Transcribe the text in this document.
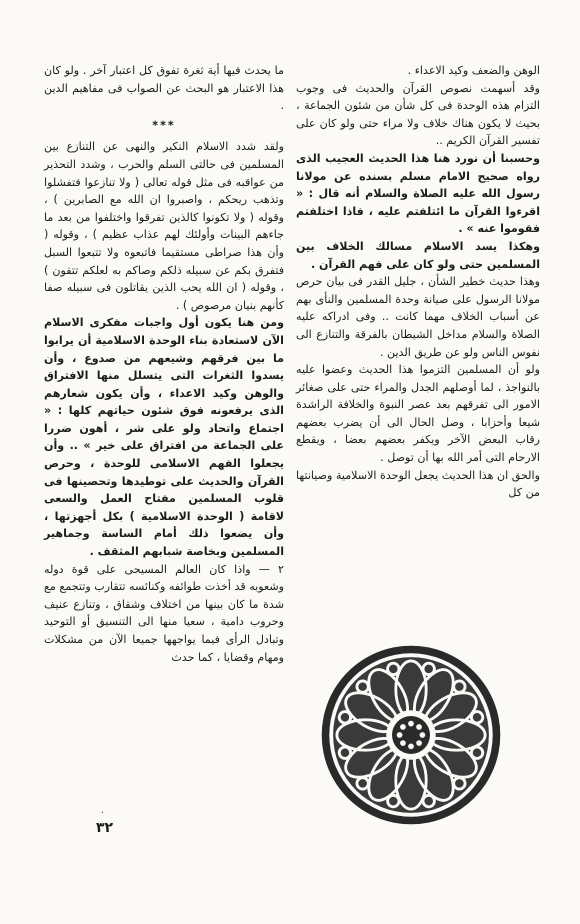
الوهن والضعف وكيد الاعداء .

وقد أسهمت نصوص القرآن والحديث فى وجوب التزام هذه الوحدة فى كل شأن من شئون الجماعة ، بحيث لا يكون هناك خلاف ولا مراء حتى ولو كان على تفسير القرآن الكريم ..

وحسبنا أن نورد هنا هذا الحديث العجيب الذى رواه صحيح الامام مسلم بسنده عن مولانا رسول الله عليه الصلاة والسلام أنه قال : « اقرءوا القرآن ما ائتلفتم عليه ، فاذا اختلفتم فقوموا عنه » .

وهكذا يسد الاسلام مسالك الخلاف بين المسلمين حتى ولو كان على فهم القرآن .

وهذا حديث خطير الشأن ، جليل القدر فى بيان حرص مولانا الرسول على صيانة وحدة المسلمين والنأى بهم عن أسباب الخلاف مهما كانت .. وفى ادراكه عليه الصلاة والسلام مداخل الشيطان بالفرقة والتنازع الى نفوس الناس ولو عن طريق الدين .

ولو أن المسلمين التزموا هذا الحديث وعضوا عليه بالنواجذ ، لما أوصلهم الجدل والمراء حتى على صغائر الامور الى تفرقهم بعد عصر النبوة والخلافة الراشدة شيعا وأحزابا ، وصل الحال الى أن يضرب بعضهم رقاب البعض الآخر ويكفر بعضهم بعضا ، ويقطع الارحام التى أمر الله بها أن توصل .

والحق ان هذا الحديث يجعل الوحدة الاسلامية وصيانتها من كل

ما يحدث فيها أية ثغرة تفوق كل اعتبار آخر . ولو كان هذا الاعتبار هو البحث عن الصواب فى مفاهيم الدين .

***

ولقد شدد الاسلام النكير والنهى عن التنازع بين المسلمين فى حالتى السلم والحرب ، وشدد التحذير من عواقبه فى مثل قوله تعالى ( ولا تنازعوا فتفشلوا وتذهب ريحكم ، واصبروا ان الله مع الصابرين ) ، وقوله ( ولا تكونوا كالذين تفرقوا واختلفوا من بعد ما جاءهم البينات وأولئك لهم عذاب عظيم ) ، وقوله ( وأن هذا صراطى مستقيما فاتبعوه ولا تتبعوا السبل فتفرق بكم عن سبيله ذلكم وصاكم به لعلكم تتقون ) ، وقوله ( ان الله يحب الذين يقاتلون فى سبيله صفا كأنهم بنيان مرصوص ) .

ومن هنا يكون أول واجبات مفكرى الاسلام الآن لاستعادة بناء الوحدة الاسلامية أن يرابوا ما بين فرقهم وشيعهم من صدوع ، وأن يسدوا الثغرات التى يتسلل منها الافتراق والوهن وكيد الاعداء ، وأن يكون شعارهم الذى يرفعونه فوق شئون حياتهم كلها : « اجتماع واتحاد ولو على شر ، أهون ضررا على الجماعة من افتراق على خير » .. وأن يجعلوا الفهم الاسلامى للوحدة ، وحرص القرآن والحديث على توطيدها وتحصينها فى قلوب المسلمين مفتاح العمل والسعى لاقامة ( الوحدة الاسلامية ) بكل أجهزتها ، وأن يضعوا ذلك أمام الساسة وجماهير المسلمين وبخاصة شبابهم المثقف .

٢ — واذا كان العالم المسيحى على قوة دوله وشعوبه قد أخذت طوائفه وكنائسه تتقارب وتتجمع مع شدة ما كان بينها من اختلاف وشقاق ، وتنازع عنيف وحروب دامية ، سعيا منها الى التنسيق أو التوحيد وتبادل الرأى فيما يواجهها جميعا الآن من مشكلات ومهام وقضايا ، كما حدث

٠
٣٢
